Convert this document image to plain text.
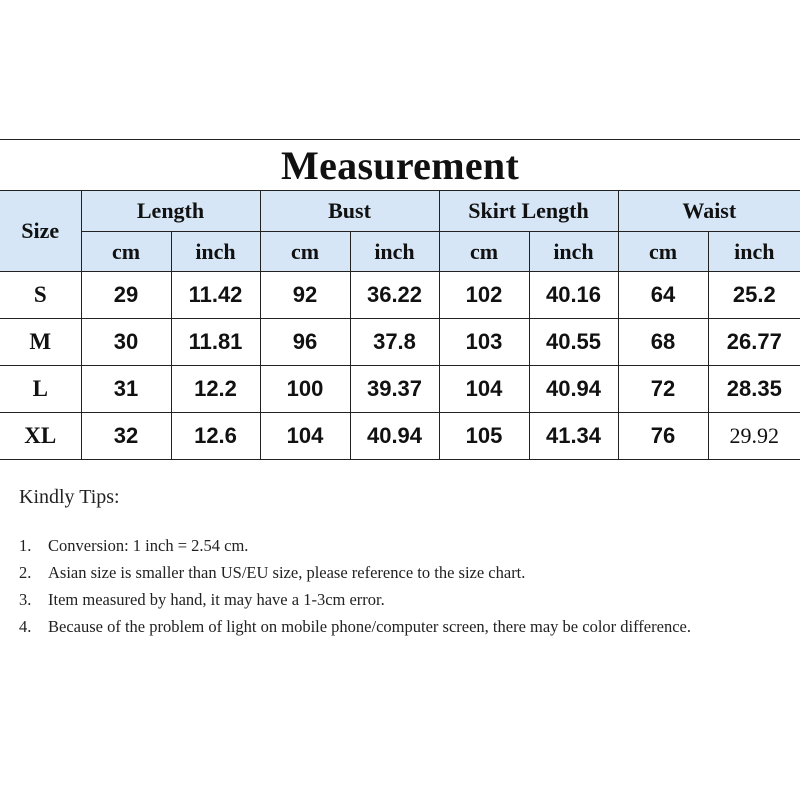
Measurement								
Size	Length		Bust		Skirt Length		Waist	
	cm	inch	cm	inch	cm	inch	cm	inch
S	29	11.42	92	36.22	102	40.16	64	25.2
M	30	11.81	96	37.8	103	40.55	68	26.77
L	31	12.2	100	39.37	104	40.94	72	28.35
XL	32	12.6	104	40.94	105	41.34	76	29.92
Kindly Tips:
1. Conversion: 1 inch = 2.54 cm.
2. Asian size is smaller than US/EU size, please reference to the size chart.
3. Item measured by hand, it may have a 1-3cm error.
4. Because of the problem of light on mobile phone/computer screen, there may be color difference.
